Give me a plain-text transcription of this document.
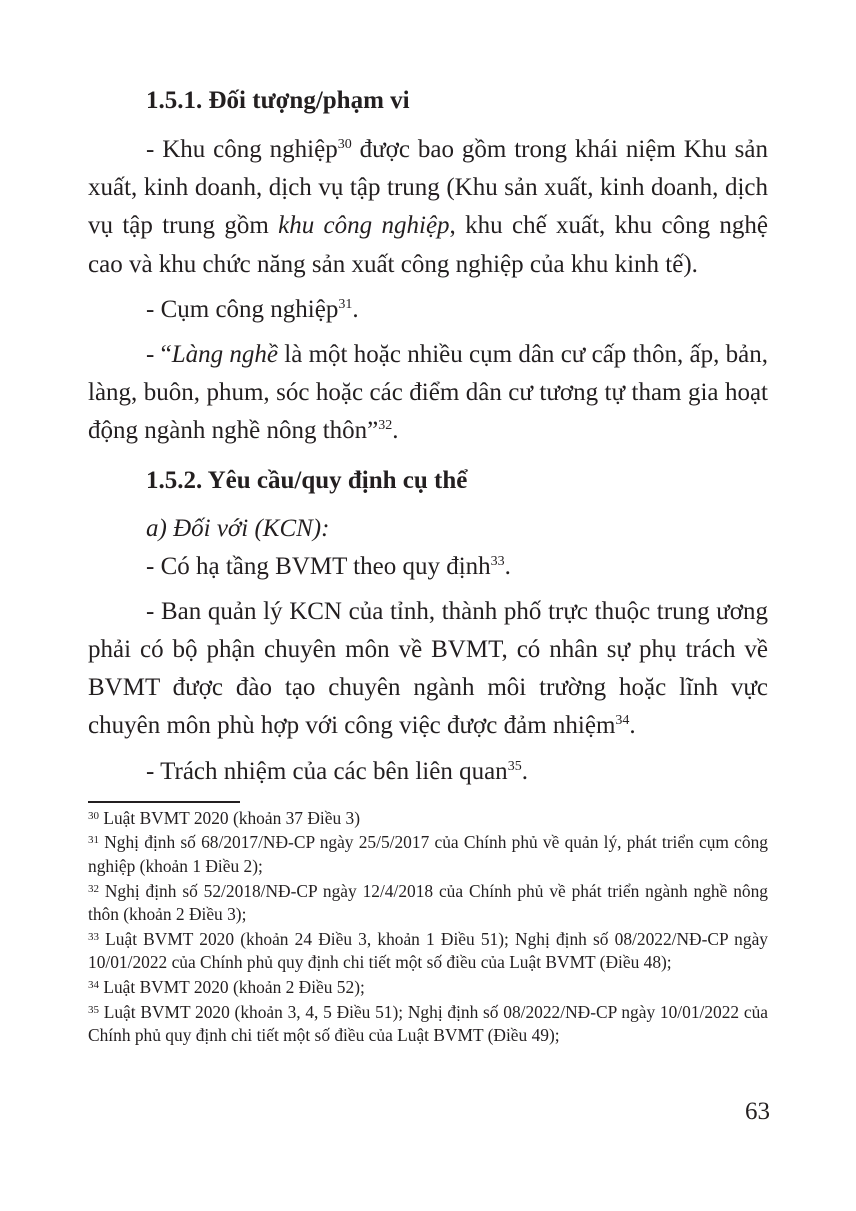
1.5.1. Đối tượng/phạm vi

- Khu công nghiệp$^{30}$ được bao gồm trong khái niệm Khu sản xuất, kinh doanh, dịch vụ tập trung (Khu sản xuất, kinh doanh, dịch vụ tập trung gồm khu công nghiệp, khu chế xuất, khu công nghệ cao và khu chức năng sản xuất công nghiệp của khu kinh tế).

- Cụm công nghiệp$^{31}$.

- “Làng nghề là một hoặc nhiều cụm dân cư cấp thôn, ấp, bản, làng, buôn, phum, sóc hoặc các điểm dân cư tương tự tham gia hoạt động ngành nghề nông thôn”$^{32}$.

1.5.2. Yêu cầu/quy định cụ thể

a) Đối với (KCN):

- Có hạ tầng BVMT theo quy định$^{33}$.

- Ban quản lý KCN của tỉnh, thành phố trực thuộc trung ương phải có bộ phận chuyên môn về BVMT, có nhân sự phụ trách về BVMT được đào tạo chuyên ngành môi trường hoặc lĩnh vực chuyên môn phù hợp với công việc được đảm nhiệm$^{34}$.

- Trách nhiệm của các bên liên quan$^{35}$.

$^{30}$ Luật BVMT 2020 (khoản 37 Điều 3)

$^{31}$ Nghị định số 68/2017/NĐ-CP ngày 25/5/2017 của Chính phủ về quản lý, phát triển cụm công nghiệp (khoản 1 Điều 2);

$^{32}$ Nghị định số 52/2018/NĐ-CP ngày 12/4/2018 của Chính phủ về phát triển ngành nghề nông thôn (khoản 2 Điều 3);

$^{33}$ Luật BVMT 2020 (khoản 24 Điều 3, khoản 1 Điều 51); Nghị định số 08/2022/NĐ-CP ngày 10/01/2022 của Chính phủ quy định chi tiết một số điều của Luật BVMT (Điều 48);

$^{34}$ Luật BVMT 2020 (khoản 2 Điều 52);

$^{35}$ Luật BVMT 2020 (khoản 3, 4, 5 Điều 51); Nghị định số 08/2022/NĐ-CP ngày 10/01/2022 của Chính phủ quy định chi tiết một số điều của Luật BVMT (Điều 49);

63
